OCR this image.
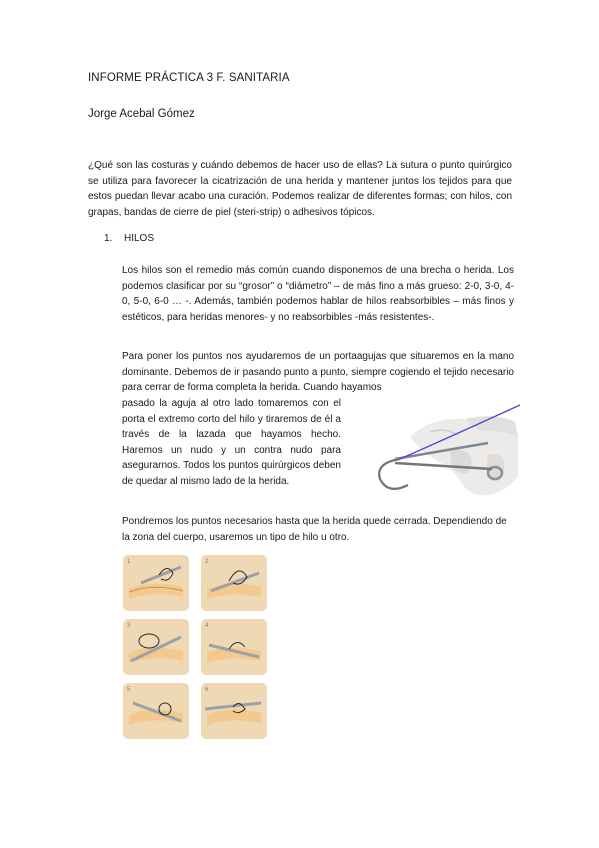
INFORME PRÁCTICA 3 F. SANITARIA
Jorge Acebal Gómez
¿Qué son las costuras y cuándo debemos de hacer uso de ellas? La sutura o punto quirúrgico se utiliza para favorecer la cicatrización de una herida y mantener juntos los tejidos para que estos puedan llevar acabo una curación. Podemos realizar de diferentes formas; con hilos, con grapas, bandas de cierre de piel (steri-strip) o adhesivos tópicos.
1. HILOS
Los hilos son el remedio más común cuando disponemos de una brecha o herida. Los podemos clasificar por su “grosor” o “diámetro” – de más fino a más grueso: 2-0, 3-0, 4-0, 5-0, 6-0 … -. Además, también podemos hablar de hilos reabsorbibles – más finos y estéticos, para heridas menores- y no reabsorbibles -más resistentes-.
Para poner los puntos nos ayudaremos de un portaagujas que situaremos en la mano dominante. Debemos de ir pasando punto a punto, siempre cogiendo el tejido necesario para cerrar de forma completa la herida. Cuando hayamos
pasado la aguja al otro lado tomaremos con el porta el extremo corto del hilo y tiraremos de él a través de la lazada que hayamos hecho. Haremos un nudo y un contra nudo para asegurarnos. Todos los puntos quirúrgicos deben de quedar al mismo lado de la herida.
Pondremos los puntos necesarios hasta que la herida quede cerrada. Dependiendo de la zona del cuerpo, usaremos un tipo de hilo u otro.
1	2
3	4
5	6
